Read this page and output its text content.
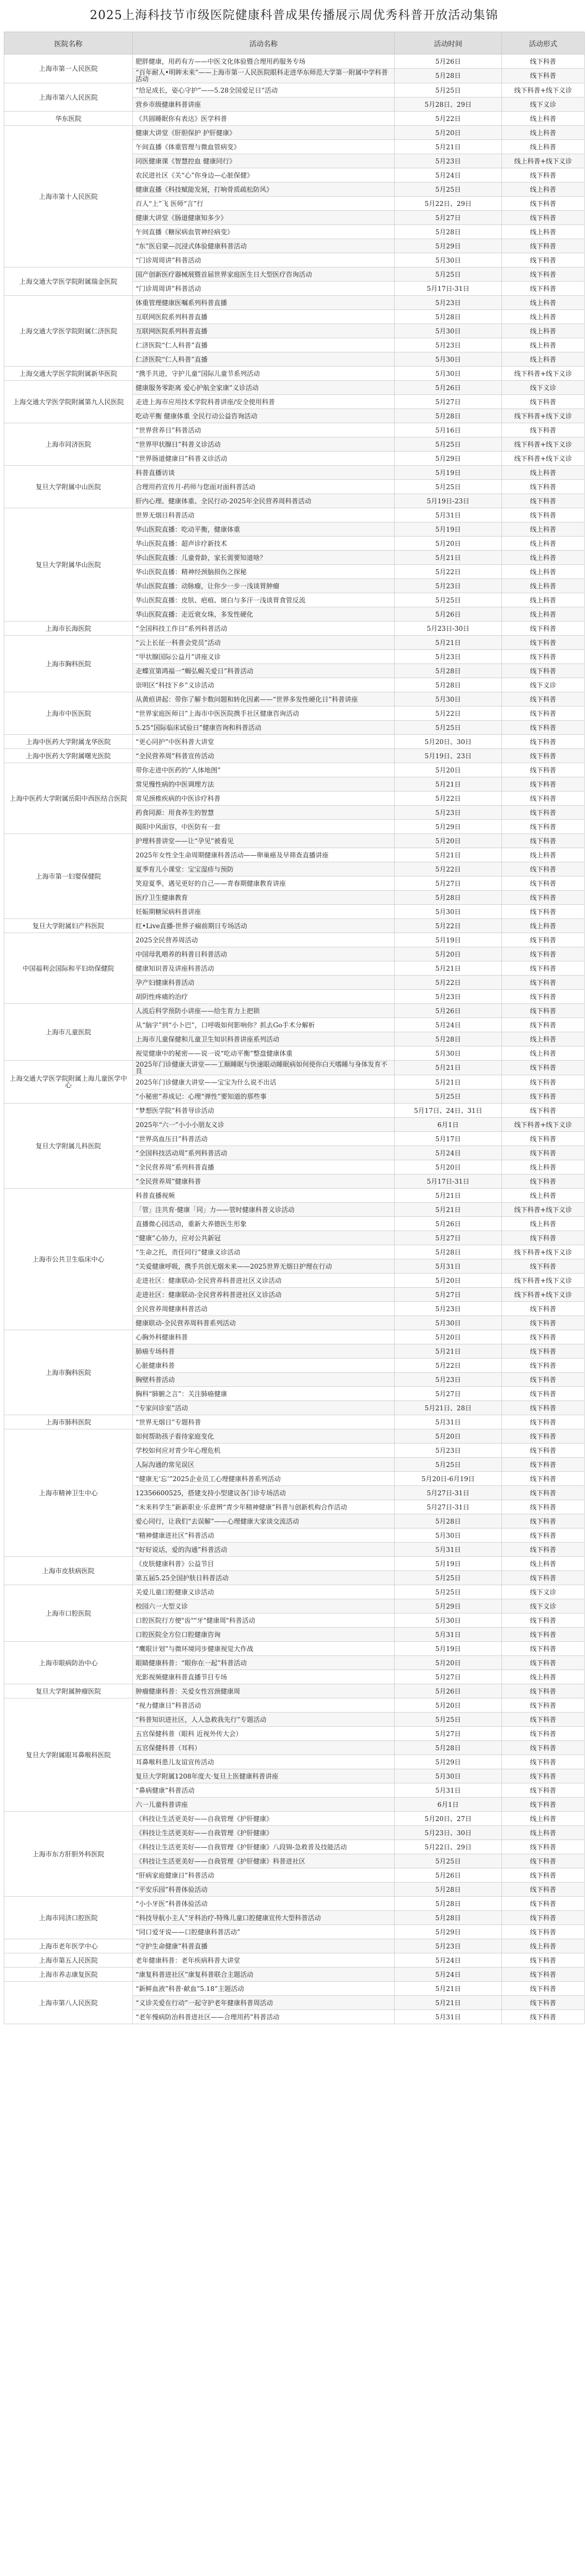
2025上海科技节市级医院健康科普成果传播展示周优秀科普开放活动集锦
医院名称	活动名称	活动时间	活动形式
上海市第一人民医院	肥胖健康，用药有方——中医文化体验暨合理用药服务专场	5月26日	线下科普
	“百年耐人•明眸未来”——上海市第一人民医院眼科走进华东师范大学第一附属中学科普活动	5月28日	线下科普
上海市第六人民医院	“给足成长，姿心守护”——5.28全国爱足日”活动	5月25日	线下科普+线下义诊
	营乡市级健康科普讲座	5月28日、29日	线下义诊
华东医院	《共圆睡眠你有表达》医学科普	5月22日	线上科普
上海市第十人民医院	健康大讲堂《肝胆保护 护肝健康》	5月20日	线上科普
	午间直播《体重管理与微血管病变》	5月21日	线上科普
	同医健康课《智慧控血 健康同行》	5月23日	线上科普+线下义诊
	农民进社区《关“心”你身边—心脏保健》	5月24日	线下科普
	健康直播《科技赋能发展，打响骨质疏松防风》	5月25日	线上科普
	百人“上”飞 医师“言”行	5月22日、29日	线下科普
	健康大讲堂《肠道健康知多少》	5月27日	线下科普
	午间直播《糖尿病血管神经病变》	5月28日	线上科普
	“东”医启蒙—沉浸式体验健康科普活动	5月29日	线下科普
	“门诊周周讲”科普活动	5月30日	线下科普
上海交通大学医学院附属瑞金医院	国产创新医疗器械展暨首届世界家庭医生日大型医疗咨询活动	5月25日	线下科普
	“门诊周周讲”科普活动	5月17日-31日	线下科普
上海交通大学医学院附属仁济医院	体重管理健康医嘱系列科普直播	5月23日	线上科普
	互联网医院系列科普直播	5月28日	线上科普
	互联网医院系列科普直播	5月30日	线上科普
	仁济医院“仁人科普”直播	5月23日	线上科普
	仁济医院“仁人科普”直播	5月30日	线上科普
上海交通大学医学院附属新华医院	“携手共进，守护儿童”国际儿童节系列活动	5月30日	线下科普+线下义诊
上海交通大学医学院附属第九人民医院	健康服务零距离 爱心护航全家康”义诊活动	5月26日	线下义诊
	走进上海市应用技术学院科普讲座/安全使用科普	5月27日	线下科普
	吃动平衡 健康体重 全民行动公益咨询活动	5月28日	线下科普+线下义诊
上海市同济医院	“世界营养日”科普活动	5月16日	线下科普
	“世界甲状腺日”科普义诊活动	5月25日	线下科普+线下义诊
	“世界肠道健康日”科普义诊活动	5月29日	线下科普+线下义诊
复旦大学附属中山医院	科普直播访谈	5月19日	线上科普
	合理用药宣传月-药师与您面对面科普活动	5月25日	线下科普
	肝内心理、健康体重、全民行动-2025年全民营养周科普活动	5月19日-23日	线下科普
复旦大学附属华山医院	世界无烟日科普活动	5月31日	线下科普
	华山医院直播：吃动平衡，健康体重	5月19日	线上科普
	华山医院直播：超声诊疗新技术	5月20日	线上科普
	华山医院直播：儿童骨龄，家长需要知道啥？	5月21日	线上科普
	华山医院直播：精神经颈脑损伤之探秘	5月22日	线上科普
	华山医院直播：动脉瘤，让你少一步一浅谈胃肿瘤	5月23日	线上科普
	华山医院直播：皮肤、疤痕、斑白与多汗一浅谈胃食管反流	5月25日	线上科普
	华山医院直播：走近衰女珠，多发性硬化	5月26日	线上科普
上海市长海医院	“全国科技工作日”系列科普活动	5月23日-30日	线下科普
上海市胸科医院	“云上长征一科普会党员”活动	5月21日	线下科普
	“甲状腺国际公益月”讲座义诊	5月23日	线下科普
	走蝶宣第鸿福一“蝎弘蝎关爱日”科普活动	5月28日	线下科普
	崇明区“科技下乡”义诊活动	5月28日	线下义诊
上海市中医医院	从黄疸讲起：带你了解卡数问题和转化因素——“世界多发性硬化日”科普讲座	5月30日	线下科普
	“世界家庭医师日”上海市中医医院携手社区健康咨询活动	5月22日	线下科普
	5.25“国际临床试验日”健康咨询和科普活动	5月25日	线下科普
上海中医药大学附属龙华医院	“更心同护”中医科普大讲堂	5月20日、30日	线下科普
上海中医药大学附属曙光医院	“全民营养周”科普宣传活动	5月19日、23日	线下科普
上海中医药大学附属岳阳中西医结合医院	带你走进中医药的“人体地图”	5月20日	线下科普
	常见慢性病的中医调理方法	5月21日	线下科普
	常见颈椎疾病的中医诊疗科普	5月22日	线下科普
	药食同源：用食养生的智慧	5月23日	线下科普
	揭阳中风面容，中医防有一套	5月29日	线下科普
上海市第一妇婴保健院	护理科普讲堂——让“孕见”被看见	5月20日	线下科普
	2025年女性全生命周期健康科普活动——卵巢癌及早筛查直播讲座	5月21日	线上科普
	夏季育儿小课堂：宝宝湿疹与预防	5月22日	线下科普
	笑迎夏季，遇见更好的自己——青春期健康教育讲座	5月27日	线下科普
	医疗卫生健康教育	5月28日	线下科普
	妊娠期糖尿病科普讲座	5月30日	线下科普
复旦大学附属妇产科医院	红•Live直播-世界子痫前期日专场活动	5月22日	线上科普
中国福利会国际和平妇幼保健院	2025全民营养周活动	5月19日	线下科普
	中国母乳喂养的科普日科普活动	5月20日	线下科普
	健康知识普及讲座科普活动	5月21日	线下科普
	孕产妇健康科普活动	5月22日	线下科普
	胡阴性疼痛的治疗	5月23日	线下科普
上海市儿童医院	人流后科学预防小讲座——给生育力上把锁	5月26日	线下科普
	从“脑字”到“小卜巴”，口呼吸如何影响你？抓去Go手术分解析	5月24日	线下科普
	上海市儿童保健和儿童卫生知识科普讲座系列活动	5月28日	线上科普
	视觉健康中的秘密——说一说“吃动平衡”整盘健康体重	5月30日	线上科普
上海交通大学医学院附属上海儿童医学中心	2025年门诊健康大讲堂——工顺睡眠与快速眼动睡眠病如何使你白天嗜睡与身体发育不良	5月21日	线下科普
	2025年门诊健康大讲堂——宝宝为什么说不出话	5月21日	线下科普
	“小秘密”养成记：心理“弹性”要知道的那些事	5月25日	线下科普
复旦大学附属儿科医院	“梦想医学院”科普导诊活动	5月17日、24日、31日	线下科普
	2025年“六一”小小小朋友义诊	6月1日	线下科普+线下义诊
	“世界高血压日”科普活动	5月17日	线下科普
	“全国科技活动周”系列科普活动	5月24日	线下科普
	“全民营养周”系列科普直播	5月20日	线上科普
	“全民营养周”健康科普	5月17日-31日	线下科普
上海市公共卫生临床中心	科普直播视频	5月21日	线上科普
	「管」注共育·健康「同」力——管时健康科普义诊活动	5月21日	线下科普+线下义诊
	直播微心园活动，重新大养德医生形象	5月26日	线上科普
	“健康”心协力，应对公共新冠	5月27日	线下科普
	“生命之托，责任同行”健康义诊活动	5月28日	线下科普+线下义诊
	“关爱健康呼吸，携手共创无烟未来——2025世界无烟日护理在行动	5月31日	线下科普
	走进社区：健康联动-全民营养科普进社区义诊活动	5月20日	线下科普+线下义诊
	走进社区：健康联动-全民营养科普进社区义诊活动	5月27日	线下科普+线下义诊
	全民营养周健康科普活动	5月23日	线下科普
	健康联动-全民营养周科普系列活动	5月30日	线下科普
上海市胸科医院	心胸外科健康科普	5月20日	线下科普
	肺癌专场科普	5月21日	线下科普
	心脏健康科普	5月22日	线下科普
	胸壁科普活动	5月23日	线下科普
	胸科“肺腑之言”：关注肺癌健康	5月27日	线下科普
	“专家问诊室”活动	5月21日、28日	线下科普
上海市肺科医院	“世界无烟日”专题科普	5月31日	线下科普
上海市精神卫生中心	如何帮助孩子看待家庭变化	5月20日	线下科普
	学校如何应对青少年心理危机	5月23日	线下科普
	人际沟通的常见误区	5月25日	线下科普
	“健康无‘忘’”2025企业员工心理健康科普系列活动	5月20日-6月19日	线下科普
	12356600525，搭建支持小型建议各门诊专场活动	5月27日-31日	线下科普
	“未来科学生”新新职业·乐意辨“青少年精神健康”科普与创新机构合作活动	5月27日-31日	线下科普
	爱心同行，让我们“去误解”——心理健康大家谈交流活动	5月28日	线下科普
	“精神健康进社区”科普活动	5月30日	线下科普
	“好好说话，爱的沟通”科普活动	5月31日	线下科普
上海市皮肤病医院	《皮肤健康科普》公益节目	5月19日	线上科普
	第五届5.25全国护肤日科普活动	5月25日	线下科普
上海市口腔医院	关爱儿童口腔健康义诊活动	5月25日	线下义诊
	校园六一大型义诊	5月29日	线下义诊
	口腔医院行方便"齿""牙"健康周"科普活动	5月30日	线下科普
	口腔医院全方位口腔健康咨询	5月31日	线下科普
上海市眼病防治中心	“鹰眼计划”与微环境同步健康视觉大作战	5月19日	线下科普
	眼睛健康科普：“眼你在一起”科普活动	5月20日	线下科普
	光影视频健康科普直播节目专场	5月27日	线上科普
复旦大学附属肿瘤医院	肿瘤健康科普：关爱女性宫颈健康周	5月26日	线下科普
复旦大学附属眼耳鼻喉科医院	“视力健康日”科普活动	5月20日	线下科普
	“科普知识进社区，人人急救我先行”专题活动	5月25日	线下科普
	五官保健科普（眼科 近视外传大会）	5月27日	线下科普
	五官保健科普（耳科）	5月28日	线下科普
	耳鼻喉科患儿友谊宣传活动	5月29日	线下科普
	复旦大学附属1208年度大·复旦上医健康科普讲座	5月30日	线下科普
	“鼻病健康”科普活动	5月31日	线下科普
	六一儿童科普讲座	6月1日	线下科普
上海市东方肝胆外科医院	《科技让生活更美好——自我管理《护肝健康》	5月20日、27日	线上科普
	《科技让生活更美好——自我管理《护肝健康》	5月23日、30日	线上科普
	《科技让生活更美好——自我管理《护肝健康》八段锦-急救普及技能活动	5月22日、29日	线下科普
	《科技让生活更美好——自我管理《护肝健康》科普进社区	5月25日	线下科普
	“肝病家庭健康日”科普活动	5月26日	线下科普
	“平安乐园”科普体验活动	5月28日	线下科普
上海市同济口腔医院	“小小牙医”科普体验活动	5月28日	线下科普
	“科技导航小主人”牙科治疗-特殊儿童口腔健康宣传大型科普活动	5月28日	线下科普
	“同口爱牙说——口腔健康科普活动”	5月29日	线下科普
上海市老年医学中心	“守护生命健康”科普直播	5月23日	线上科普
上海市第五人民医院	老年健康科普：老年疾病科普大讲堂	5月24日	线下科普
上海市养志康复医院	“康复科普进社区”康复科普联合主题活动	5月24日	线下科普
上海市第八人民医院	“新鲜血液”科普·献血”5.18”主题活动	5月21日	线下科普
	“义诊关爱在行动”一起守护老年健康科普周活动	5月21日	线下科普
	“老年慢病防治科普进社区——合理用药”科普活动	5月31日	线下科普
